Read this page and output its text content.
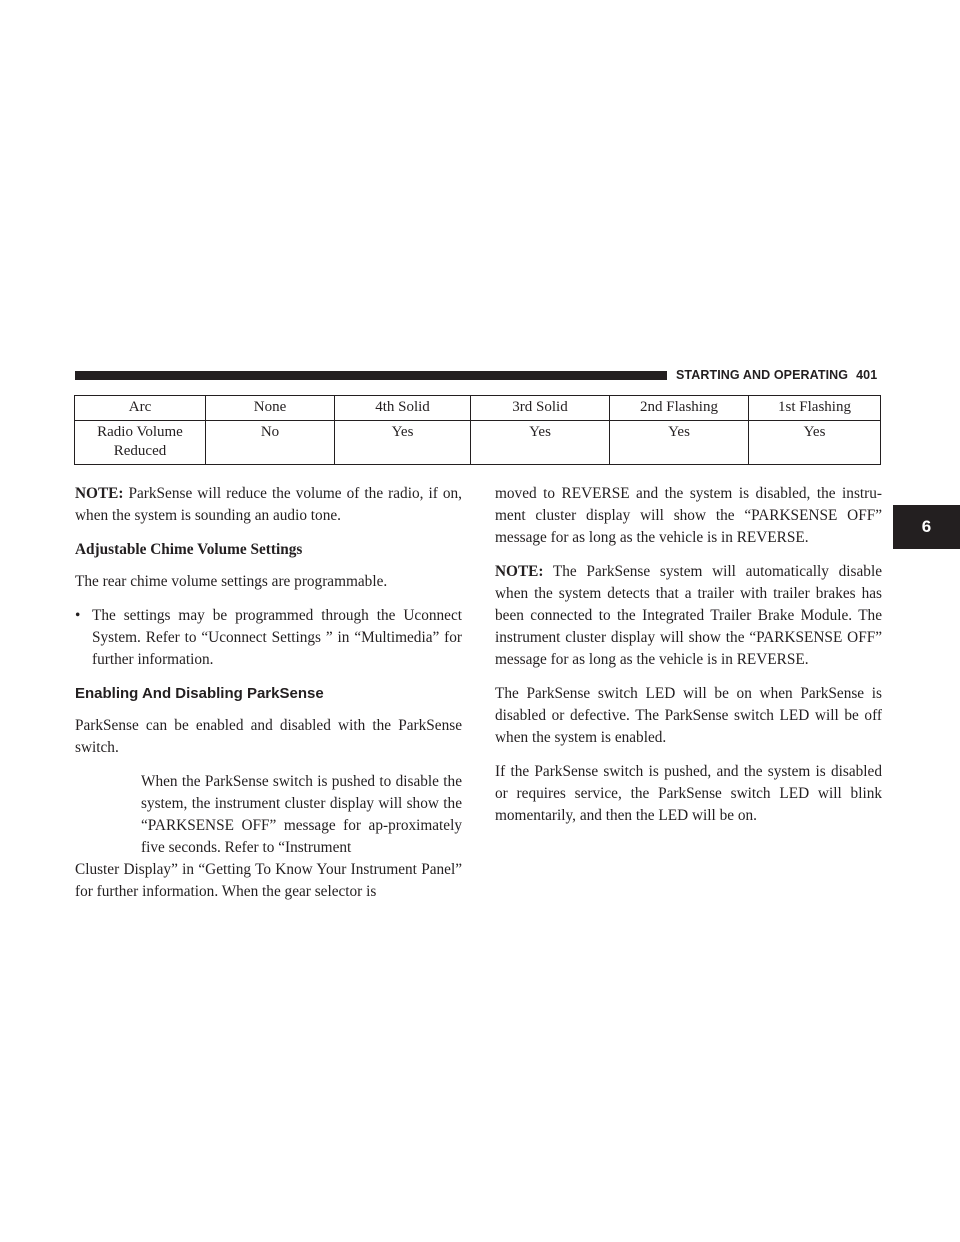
STARTING AND OPERATING 401
6
Arc	None	4th Solid	3rd Solid	2nd Flashing	1st Flashing
Radio Volume Reduced	No	Yes	Yes	Yes	Yes

NOTE: ParkSense will reduce the volume of the radio, if on, when the system is sounding an audio tone.

Adjustable Chime Volume Settings

The rear chime volume settings are programmable.

• The settings may be programmed through the Uconnect System. Refer to “Uconnect Settings ” in “Multimedia” for further information.

Enabling And Disabling ParkSense

ParkSense can be enabled and disabled with the ParkSense switch.

When the ParkSense switch is pushed to disable the system, the instrument cluster display will show the “PARKSENSE OFF” message for ap-proximately five seconds. Refer to “Instrument

Cluster Display” in “Getting To Know Your Instrument Panel” for further information. When the gear selector is

moved to REVERSE and the system is disabled, the instru-ment cluster display will show the “PARKSENSE OFF” message for as long as the vehicle is in REVERSE.

NOTE: The ParkSense system will automatically disable when the system detects that a trailer with trailer brakes has been connected to the Integrated Trailer Brake Module. The instrument cluster display will show the “PARKSENSE OFF” message for as long as the vehicle is in REVERSE.

The ParkSense switch LED will be on when ParkSense is disabled or defective. The ParkSense switch LED will be off when the system is enabled.

If the ParkSense switch is pushed, and the system is disabled or requires service, the ParkSense switch LED will blink momentarily, and then the LED will be on.
